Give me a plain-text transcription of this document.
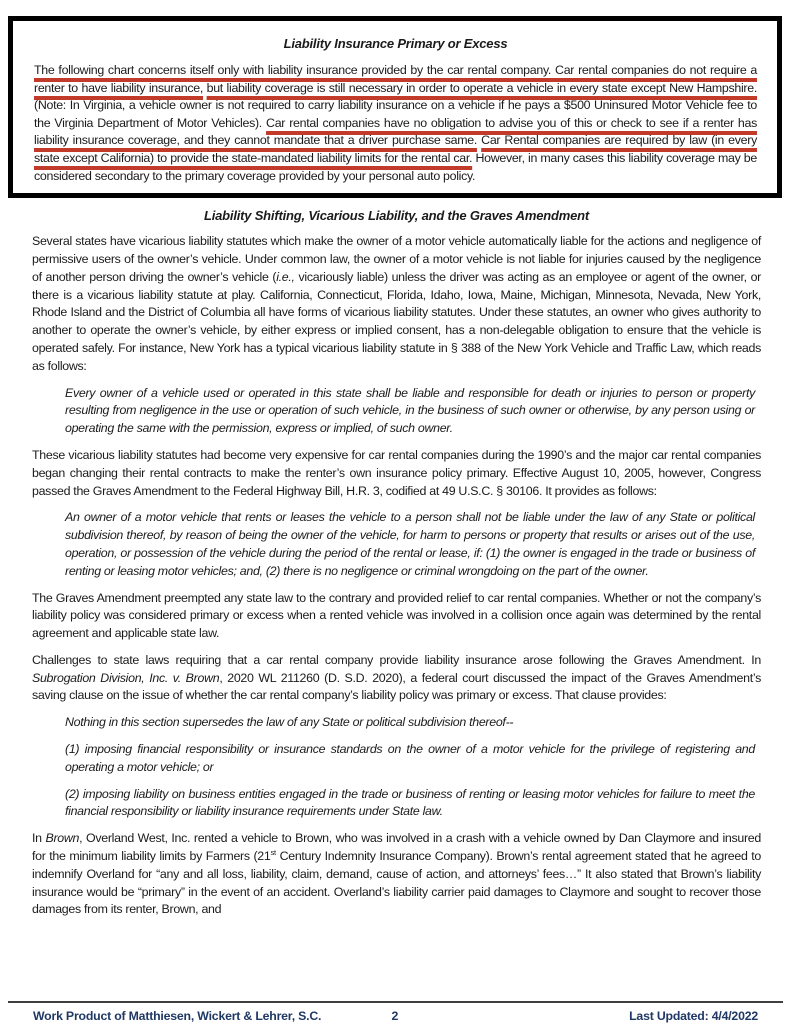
Liability Insurance Primary or Excess

The following chart concerns itself only with liability insurance provided by the car rental company. Car rental companies do not require a renter to have liability insurance, but liability coverage is still necessary in order to operate a vehicle in every state except New Hampshire. (Note: In Virginia, a vehicle owner is not required to carry liability insurance on a vehicle if he pays a $500 Uninsured Motor Vehicle fee to the Virginia Department of Motor Vehicles). Car rental companies have no obligation to advise you of this or check to see if a renter has liability insurance coverage, and they cannot mandate that a driver purchase same. Car Rental companies are required by law (in every state except California) to provide the state-mandated liability limits for the rental car. However, in many cases this liability coverage may be considered secondary to the primary coverage provided by your personal auto policy.

Liability Shifting, Vicarious Liability, and the Graves Amendment

Several states have vicarious liability statutes which make the owner of a motor vehicle automatically liable for the actions and negligence of permissive users of the owner’s vehicle. Under common law, the owner of a motor vehicle is not liable for injuries caused by the negligence of another person driving the owner’s vehicle (i.e., vicariously liable) unless the driver was acting as an employee or agent of the owner, or there is a vicarious liability statute at play. California, Connecticut, Florida, Idaho, Iowa, Maine, Michigan, Minnesota, Nevada, New York, Rhode Island and the District of Columbia all have forms of vicarious liability statutes. Under these statutes, an owner who gives authority to another to operate the owner’s vehicle, by either express or implied consent, has a non-delegable obligation to ensure that the vehicle is operated safely. For instance, New York has a typical vicarious liability statute in § 388 of the New York Vehicle and Traffic Law, which reads as follows:

Every owner of a vehicle used or operated in this state shall be liable and responsible for death or injuries to person or property resulting from negligence in the use or operation of such vehicle, in the business of such owner or otherwise, by any person using or operating the same with the permission, express or implied, of such owner.

These vicarious liability statutes had become very expensive for car rental companies during the 1990’s and the major car rental companies began changing their rental contracts to make the renter’s own insurance policy primary. Effective August 10, 2005, however, Congress passed the Graves Amendment to the Federal Highway Bill, H.R. 3, codified at 49 U.S.C. § 30106. It provides as follows:

An owner of a motor vehicle that rents or leases the vehicle to a person shall not be liable under the law of any State or political subdivision thereof, by reason of being the owner of the vehicle, for harm to persons or property that results or arises out of the use, operation, or possession of the vehicle during the period of the rental or lease, if: (1) the owner is engaged in the trade or business of renting or leasing motor vehicles; and, (2) there is no negligence or criminal wrongdoing on the part of the owner.

The Graves Amendment preempted any state law to the contrary and provided relief to car rental companies. Whether or not the company’s liability policy was considered primary or excess when a rented vehicle was involved in a collision once again was determined by the rental agreement and applicable state law.

Challenges to state laws requiring that a car rental company provide liability insurance arose following the Graves Amendment. In Subrogation Division, Inc. v. Brown, 2020 WL 211260 (D. S.D. 2020), a federal court discussed the impact of the Graves Amendment’s saving clause on the issue of whether the car rental company’s liability policy was primary or excess. That clause provides:

Nothing in this section supersedes the law of any State or political subdivision thereof--
(1) imposing financial responsibility or insurance standards on the owner of a motor vehicle for the privilege of registering and operating a motor vehicle; or
(2) imposing liability on business entities engaged in the trade or business of renting or leasing motor vehicles for failure to meet the financial responsibility or liability insurance requirements under State law.

In Brown, Overland West, Inc. rented a vehicle to Brown, who was involved in a crash with a vehicle owned by Dan Claymore and insured for the minimum liability limits by Farmers (21st Century Indemnity Insurance Company). Brown’s rental agreement stated that he agreed to indemnify Overland for “any and all loss, liability, claim, demand, cause of action, and attorneys’ fees…” It also stated that Brown’s liability insurance would be “primary” in the event of an accident. Overland’s liability carrier paid damages to Claymore and sought to recover those damages from its renter, Brown, and

Work Product of Matthiesen, Wickert & Lehrer, S.C.	2	Last Updated: 4/4/2022
